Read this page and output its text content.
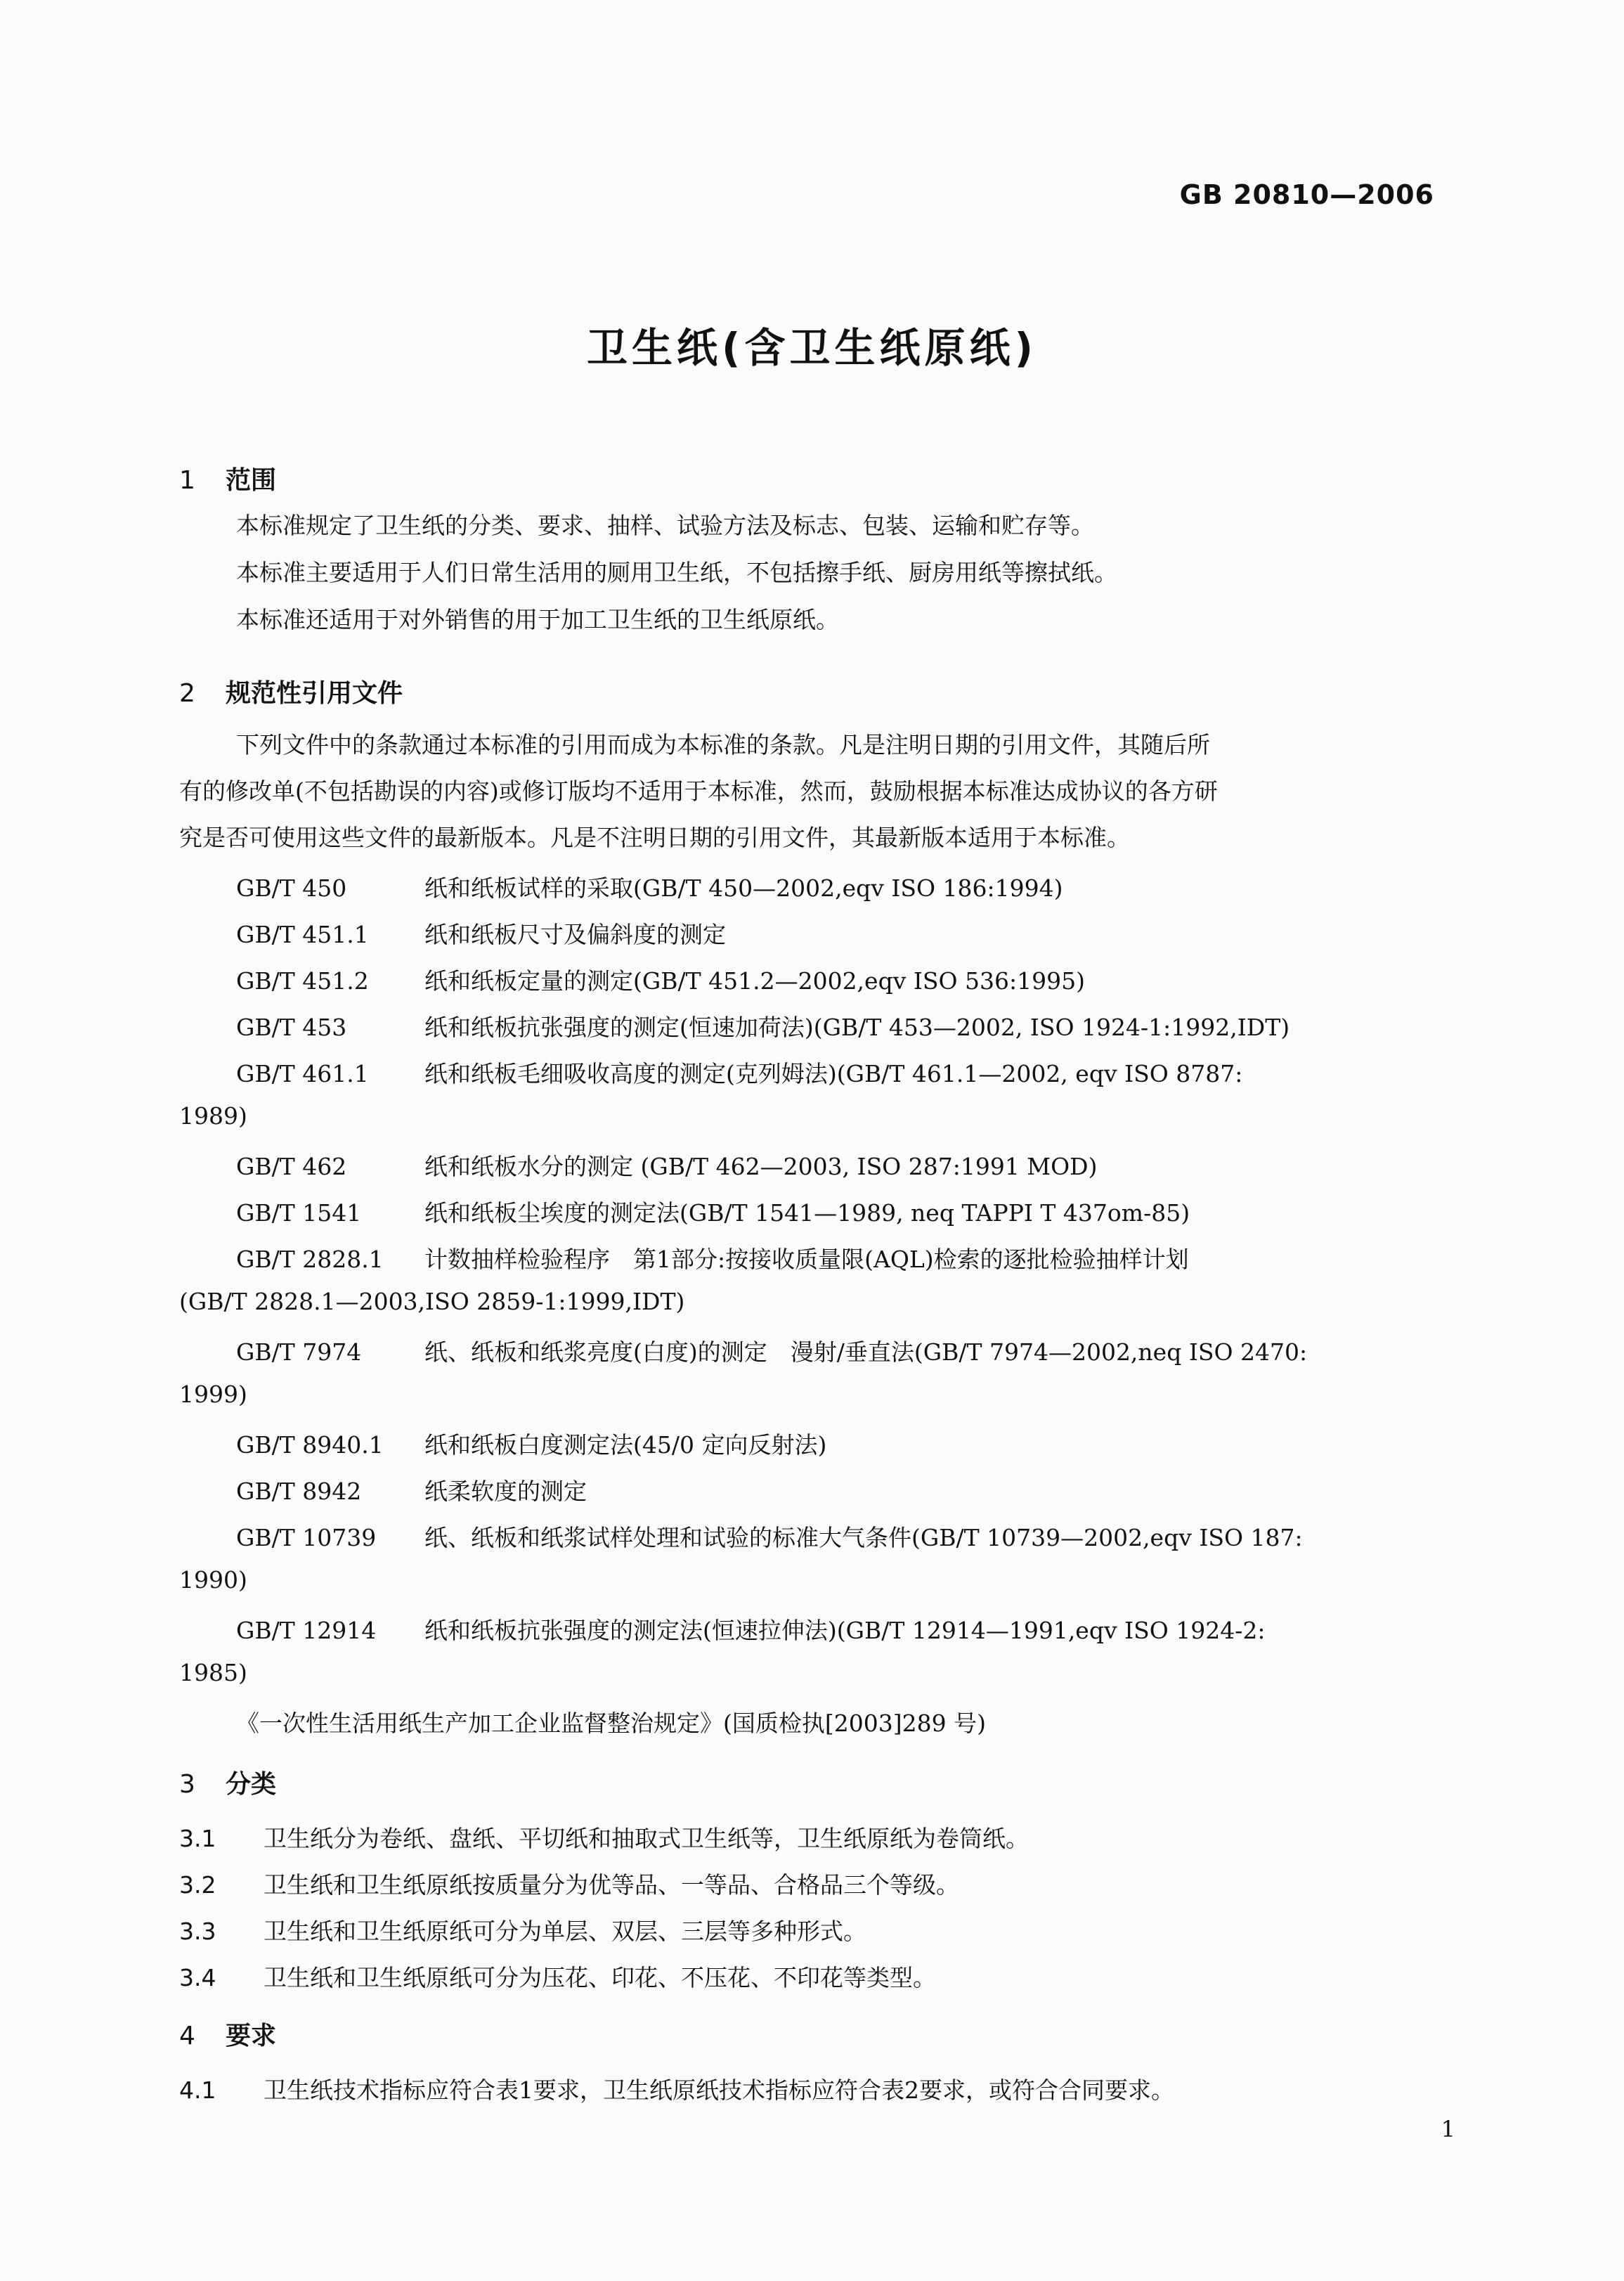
GB 20810—2006
卫生纸(含卫生纸原纸)
1 范围
本标准规定了卫生纸的分类、要求、抽样、试验方法及标志、包装、运输和贮存等。
本标准主要适用于人们日常生活用的厕用卫生纸，不包括擦手纸、厨房用纸等擦拭纸。
本标准还适用于对外销售的用于加工卫生纸的卫生纸原纸。
2 规范性引用文件
下列文件中的条款通过本标准的引用而成为本标准的条款。凡是注明日期的引用文件，其随后所
有的修改单(不包括勘误的内容)或修订版均不适用于本标准，然而，鼓励根据本标准达成协议的各方研
究是否可使用这些文件的最新版本。凡是不注明日期的引用文件，其最新版本适用于本标准。
GB/T 450	纸和纸板试样的采取(GB/T 450—2002,eqv ISO 186:1994)
GB/T 451.1 纸和纸板尺寸及偏斜度的测定
GB/T 451.2 纸和纸板定量的测定(GB/T 451.2—2002,eqv ISO 536:1995)
GB/T 453	纸和纸板抗张强度的测定(恒速加荷法)(GB/T 453—2002, ISO 1924-1:1992,IDT)
GB/T 461.1 纸和纸板毛细吸收高度的测定(克列姆法)(GB/T 461.1—2002, eqv ISO 8787:
1989)
GB/T 462	纸和纸板水分的测定 (GB/T 462—2003, ISO 287:1991 MOD)
GB/T 1541	纸和纸板尘埃度的测定法(GB/T 1541—1989, neq TAPPI T 437om-85)
GB/T 2828.1 计数抽样检验程序　第1部分:按接收质量限(AQL)检索的逐批检验抽样计划
(GB/T 2828.1—2003,ISO 2859-1:1999,IDT)
GB/T 7974	纸、纸板和纸浆亮度(白度)的测定　漫射/垂直法(GB/T 7974—2002,neq ISO 2470:
1999)
GB/T 8940.1 纸和纸板白度测定法(45/0 定向反射法)
GB/T 8942	纸柔软度的测定
GB/T 10739 纸、纸板和纸浆试样处理和试验的标准大气条件(GB/T 10739—2002,eqv ISO 187:
1990)
GB/T 12914 纸和纸板抗张强度的测定法(恒速拉伸法)(GB/T 12914—1991,eqv ISO 1924-2:
1985)
《一次性生活用纸生产加工企业监督整治规定》(国质检执[2003]289 号)
3 分类
3.1 卫生纸分为卷纸、盘纸、平切纸和抽取式卫生纸等，卫生纸原纸为卷筒纸。
3.2 卫生纸和卫生纸原纸按质量分为优等品、一等品、合格品三个等级。
3.3 卫生纸和卫生纸原纸可分为单层、双层、三层等多种形式。
3.4 卫生纸和卫生纸原纸可分为压花、印花、不压花、不印花等类型。
4 要求
4.1 卫生纸技术指标应符合表1要求，卫生纸原纸技术指标应符合表2要求，或符合合同要求。
1
